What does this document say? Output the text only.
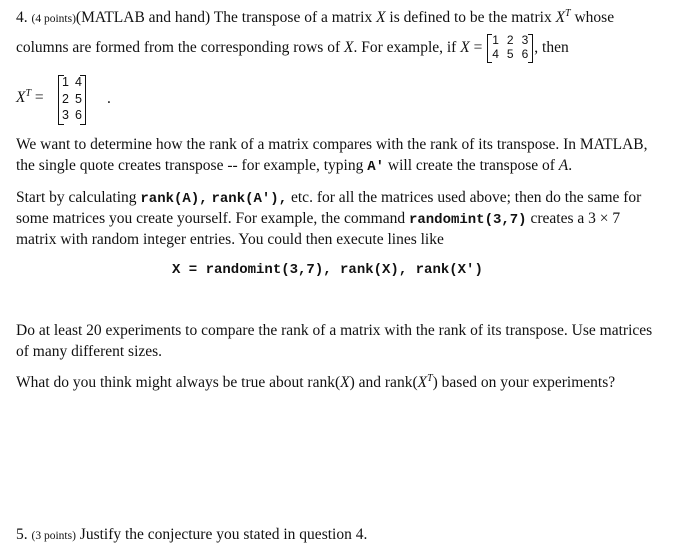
4. (4 points)(MATLAB and hand) The transpose of a matrix X is defined to be the matrix $X^T$ whose
columns are formed from the corresponding rows of X. For example, if X = 1	2	3
4	5	6 , then
$X^T$ =
1	4
2	5
3	6
.
We want to determine how the rank of a matrix compares with the rank of its transpose. In MATLAB,
the single quote creates transpose -- for example, typing A' will create the transpose of A.
Start by calculating rank(A), rank(A'), etc. for all the matrices used above; then do the same for
some matrices you create yourself. For example, the command randomint(3,7) creates a 3 × 7
matrix with random integer entries. You could then execute lines like
X = randomint(3,7), rank(X), rank(X')
Do at least 20 experiments to compare the rank of a matrix with the rank of its transpose. Use matrices
of many different sizes.
What do you think might always be true about rank(X) and $rank(X^T)$ based on your experiments?
5. (3 points) Justify the conjecture you stated in question 4.
